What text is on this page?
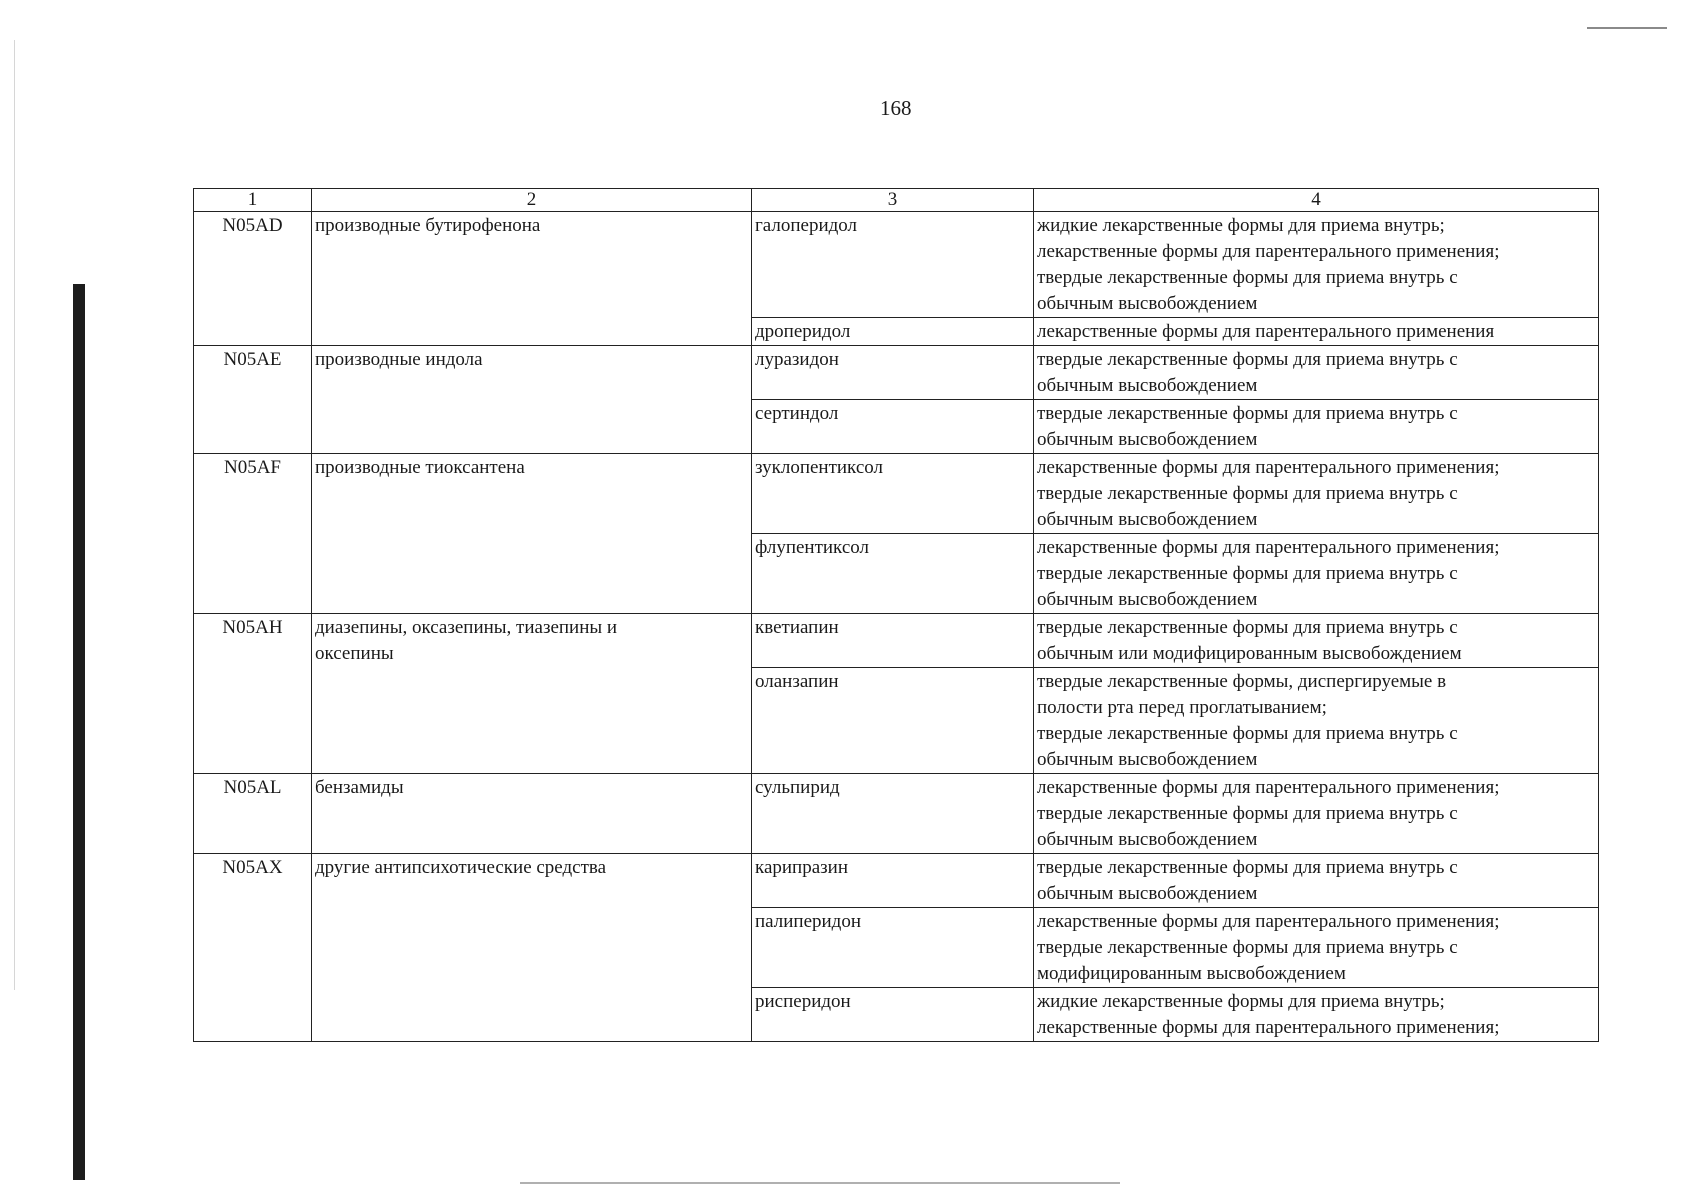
168
1	2	3	4
N05AD	производные бутирофенона	галоперидол	жидкие лекарственные формы для приема внутрь;
лекарственные формы для парентерального применения;
твердые лекарственные формы для приема внутрь с
обычным высвобождением
		дроперидол	лекарственные формы для парентерального применения
N05AE	производные индола	луразидон	твердые лекарственные формы для приема внутрь с
обычным высвобождением
		сертиндол	твердые лекарственные формы для приема внутрь с
обычным высвобождением
N05AF	производные тиоксантена	зуклопентиксол	лекарственные формы для парентерального применения;
твердые лекарственные формы для приема внутрь с
обычным высвобождением
		флупентиксол	лекарственные формы для парентерального применения;
твердые лекарственные формы для приема внутрь с
обычным высвобождением
N05AH	диазепины, оксазепины, тиазепины и
оксепины	кветиапин	твердые лекарственные формы для приема внутрь с
обычным или модифицированным высвобождением
		оланзапин	твердые лекарственные формы, диспергируемые в
полости рта перед проглатыванием;
твердые лекарственные формы для приема внутрь с
обычным высвобождением
N05AL	бензамиды	сульпирид	лекарственные формы для парентерального применения;
твердые лекарственные формы для приема внутрь с
обычным высвобождением
N05AX	другие антипсихотические средства	карипразин	твердые лекарственные формы для приема внутрь с
обычным высвобождением
		палиперидон	лекарственные формы для парентерального применения;
твердые лекарственные формы для приема внутрь с
модифицированным высвобождением
		рисперидон	жидкие лекарственные формы для приема внутрь;
лекарственные формы для парентерального применения;
